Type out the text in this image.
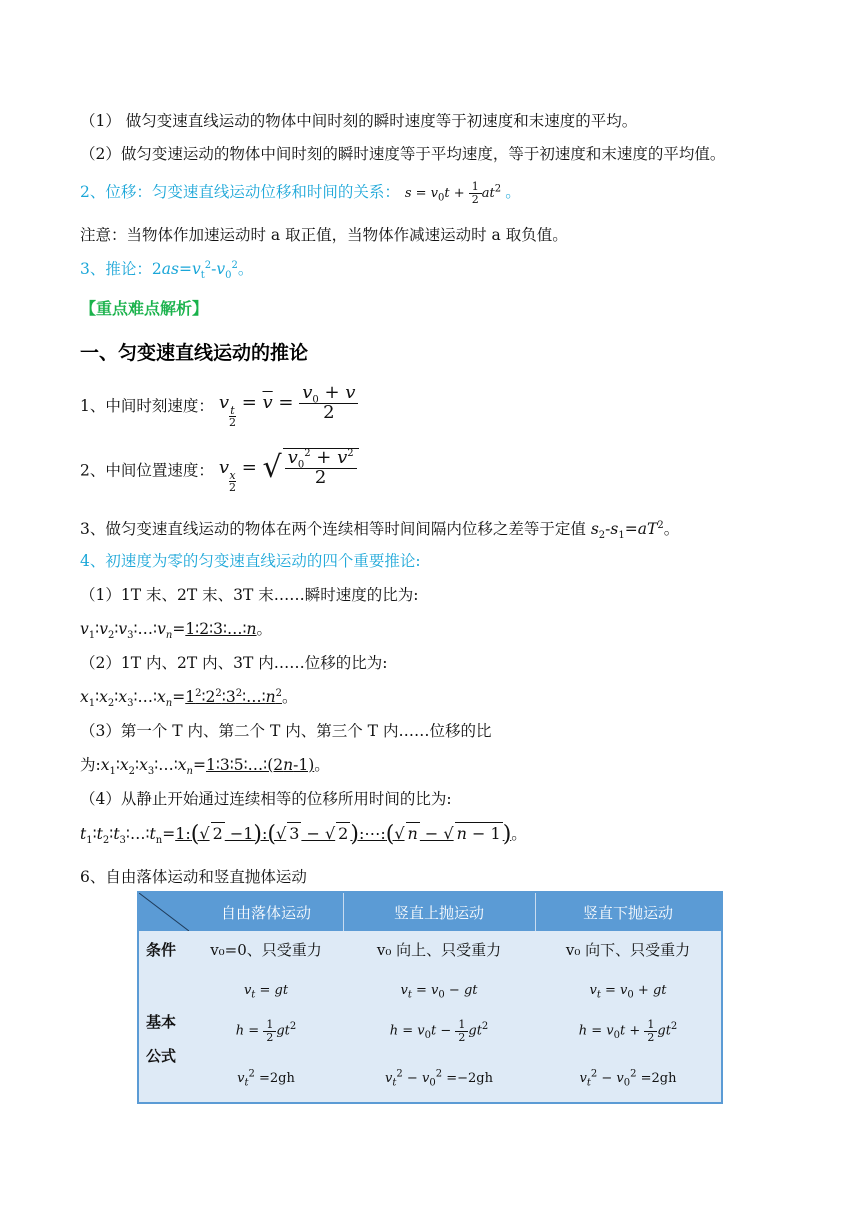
（1） 做匀变速直线运动的物体中间时刻的瞬时速度等于初速度和末速度的平均。
（2）做匀变速运动的物体中间时刻的瞬时速度等于平均速度，等于初速度和末速度的平均值。
2、位移：匀变速直线运动位移和时间的关系： $s = v_0t + \frac{1}{2} at^2$ 。
注意：当物体作加速运动时 a 取正值，当物体作减速运动时 a 取负值。
3、推论：$2as=v_t^2-v_0^2$。
【重点难点解析】
一、匀变速直线运动的推论
1、中间时刻速度： v
$\frac{t}{2}$
= $\overline{v} = \frac{v_0 + v}{2}$
2、中间位置速度： v
$\frac{x}{2}$
= √ $\frac{v_0^2 + v^2}{2}$
3、做匀变速直线运动的物体在两个连续相等时间间隔内位移之差等于定值 $s_2-s_1=aT^2$。
4、初速度为零的匀变速直线运动的四个重要推论:
（1）1T 末、2T 末、3T 末……瞬时速度的比为:
$v_1∶v_2∶v_3∶\dots∶v_n=1∶2∶3∶\dots∶n$。
（2）1T 内、2T 内、3T 内……位移的比为:
$x_1∶x_2∶x_3∶\dots∶x_n=1^2∶2^2∶3^2∶\dots∶n^2$。
（3）第一个 T 内、第二个 T 内、第三个 T 内……位移的比
为$:x_1∶x_2∶x_3∶\dots∶x_n=1∶3∶5∶\dots∶(2n-1)$。
（4）从静止开始通过连续相等的位移所用时间的比为:
$t_1∶t_2∶t_3∶\dots∶t_n=1:(√$ 2 −1):(√ 3 − √ 2):⋯:(√ n − √ n − 1)。
6、自由落体运动和竖直抛体运动
自由落体运动	竖直上抛运动	竖直下抛运动
条件	v₀=0、只受重力	v₀ 向上、只受重力	v₀ 向下、只受重力
基本
公式
$v_t$ = gt	$v_t = v_0$ − gt	$v_t = v_0$ + gt
$h = \frac{1}{2} gt^2$	$h = v_0t - \frac{1}{2} gt^2$	$h = v_0t + \frac{1}{2} gt^2$
$v_t^2 =2gh$	$v_t^2 - v_0^2 =-2gh$	$v_t^2 - v_0^2 =2gh$
